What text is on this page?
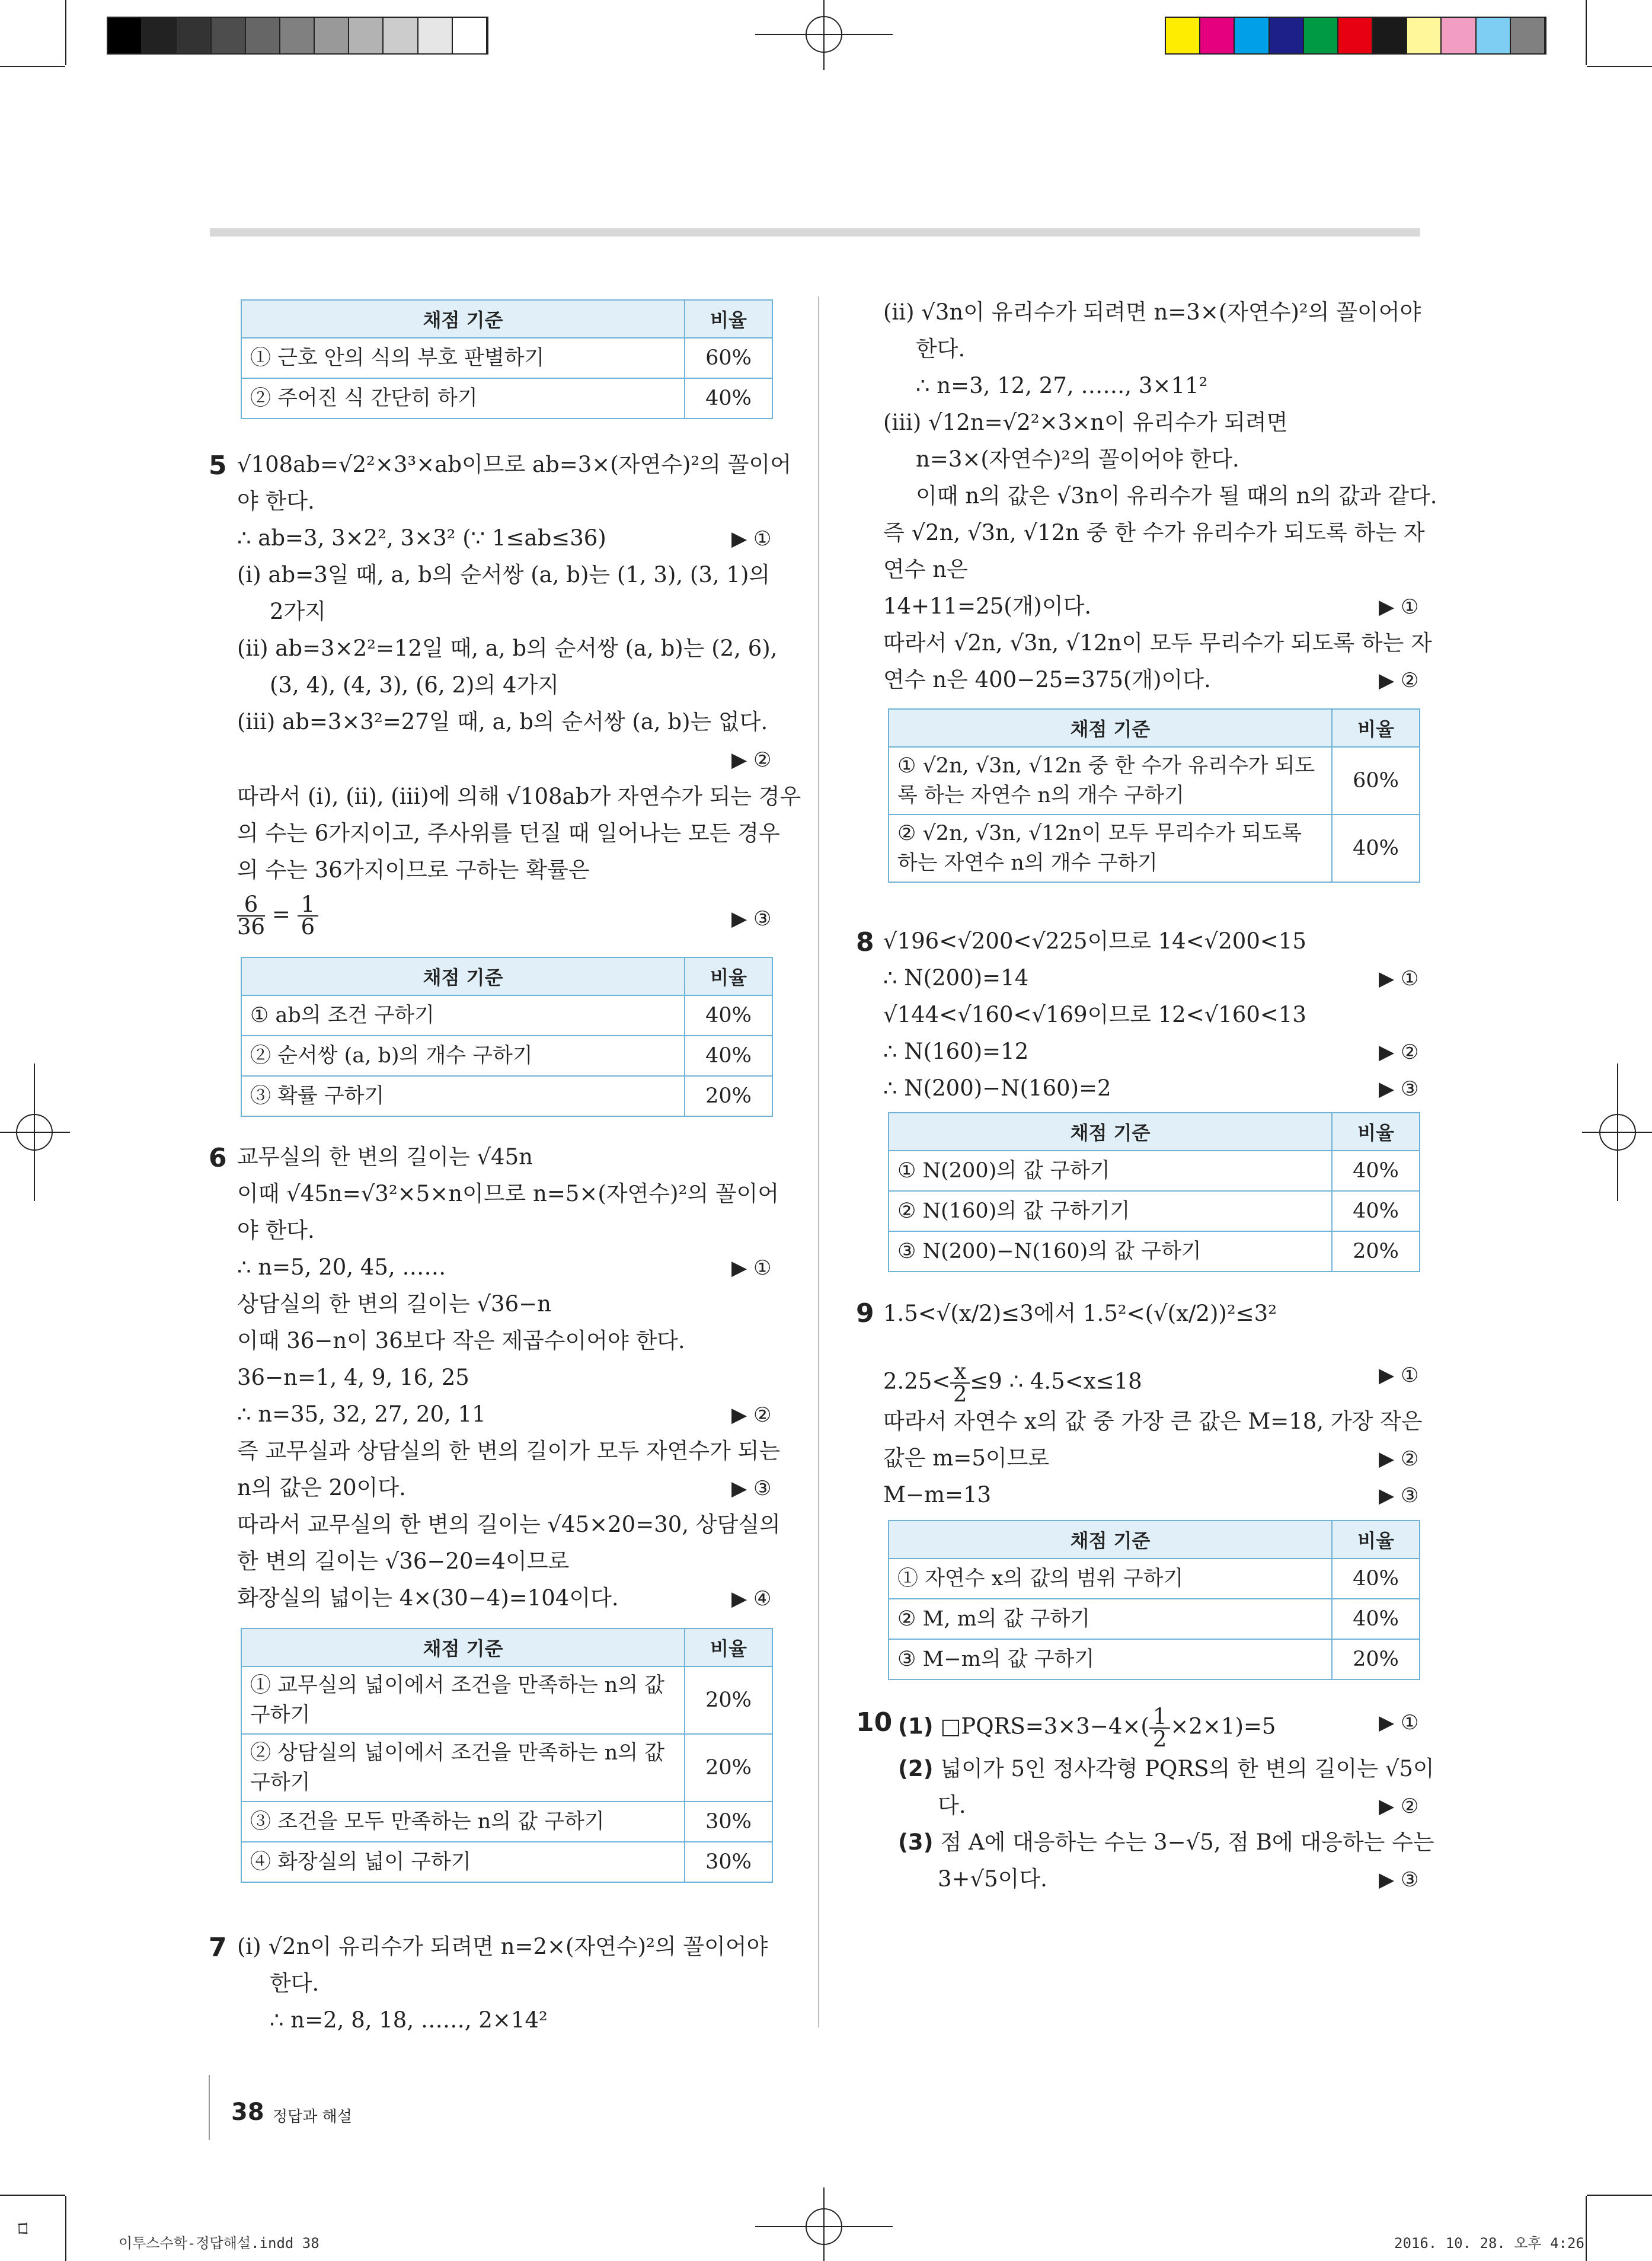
채점 기준	비율
① 근호 안의 식의 부호 판별하기	60%
② 주어진 식 간단히 하기	40%
5 √108ab=√2²×3³×ab이므로 ab=3×(자연수)²의 꼴이어
야 한다.
∴ ab=3, 3×2², 3×3² (∵ 1≤ab≤36)	▶ ①
(i) ab=3일 때, a, b의 순서쌍 (a, b)는 (1, 3), (3, 1)의
2가지
(ii) ab=3×2²=12일 때, a, b의 순서쌍 (a, b)는 (2, 6),
(3, 4), (4, 3), (6, 2)의 4가지
(iii) ab=3×3²=27일 때, a, b의 순서쌍 (a, b)는 없다.
▶ ②
따라서 (i), (ii), (iii)에 의해 √108ab가 자연수가 되는 경우
의 수는 6가지이고, 주사위를 던질 때 일어나는 모든 경우
의 수는 36가지이므로 구하는 확률은
$\frac{6}{36} = \frac{1}{6}$	▶ ③
채점 기준	비율
① ab의 조건 구하기	40%
② 순서쌍 (a, b)의 개수 구하기	40%
③ 확률 구하기	20%
6 교무실의 한 변의 길이는 √45n
이때 √45n=√3²×5×n이므로 n=5×(자연수)²의 꼴이어
야 한다.
∴ n=5, 20, 45, ……	▶ ①
상담실의 한 변의 길이는 √36−n
이때 36−n이 36보다 작은 제곱수이어야 한다.
36−n=1, 4, 9, 16, 25
∴ n=35, 32, 27, 20, 11	▶ ②
즉 교무실과 상담실의 한 변의 길이가 모두 자연수가 되는
n의 값은 20이다.	▶ ③
따라서 교무실의 한 변의 길이는 √45×20=30, 상담실의
한 변의 길이는 √36−20=4이므로
화장실의 넓이는 4×(30−4)=104이다.	▶ ④
채점 기준	비율
① 교무실의 넓이에서 조건을 만족하는 n의 값 구하기	20%
② 상담실의 넓이에서 조건을 만족하는 n의 값 구하기	20%
③ 조건을 모두 만족하는 n의 값 구하기	30%
④ 화장실의 넓이 구하기	30%
7 (i) √2n이 유리수가 되려면 n=2×(자연수)²의 꼴이어야
한다.
∴ n=2, 8, 18, ……, 2×14²
(ii) √3n이 유리수가 되려면 n=3×(자연수)²의 꼴이어야
한다.
∴ n=3, 12, 27, ……, 3×11²
(iii) √12n=√2²×3×n이 유리수가 되려면
n=3×(자연수)²의 꼴이어야 한다.
이때 n의 값은 √3n이 유리수가 될 때의 n의 값과 같다.
즉 √2n, √3n, √12n 중 한 수가 유리수가 되도록 하는 자
연수 n은
14+11=25(개)이다.	▶ ①
따라서 √2n, √3n, √12n이 모두 무리수가 되도록 하는 자
연수 n은 400−25=375(개)이다.	▶ ②
채점 기준	비율
① √2n, √3n, √12n 중 한 수가 유리수가 되도록 하는 자연수 n의 개수 구하기	60%
② √2n, √3n, √12n이 모두 무리수가 되도록 하는 자연수 n의 개수 구하기	40%
8 √196<√200<√225이므로 14<√200<15
∴ N(200)=14	▶ ①
√144<√160<√169이므로 12<√160<13
∴ N(160)=12	▶ ②
∴ N(200)−N(160)=2	▶ ③
채점 기준	비율
① N(200)의 값 구하기	40%
② N(160)의 값 구하기기	40%
③ N(200)−N(160)의 값 구하기	20%
9 1.5<√(x/2)≤3에서 1.5²<(√(x/2))²≤3²
$2.25< \frac{x}{2} \le 9$ ∴ 4.5<x≤18	▶ ①
따라서 자연수 x의 값 중 가장 큰 값은 M=18, 가장 작은
값은 m=5이므로	▶ ②
M−m=13	▶ ③
채점 기준	비율
① 자연수 x의 값의 범위 구하기	40%
② M, m의 값 구하기	40%
③ M−m의 값 구하기	20%
10 (1) □PQRS=3×3−4×( $\frac{1}{2} \times 2\times 1)=5$	▶ ①
(2) 넓이가 5인 정사각형 PQRS의 한 변의 길이는 √5이
다.	▶ ②
(3) 점 A에 대응하는 수는 3−√5, 점 B에 대응하는 수는
3+√5이다.	▶ ③
38 정답과 해설
이투스수학-정답해설.indd 38	2016. 10. 28. 오후 4:26
ㅁ
